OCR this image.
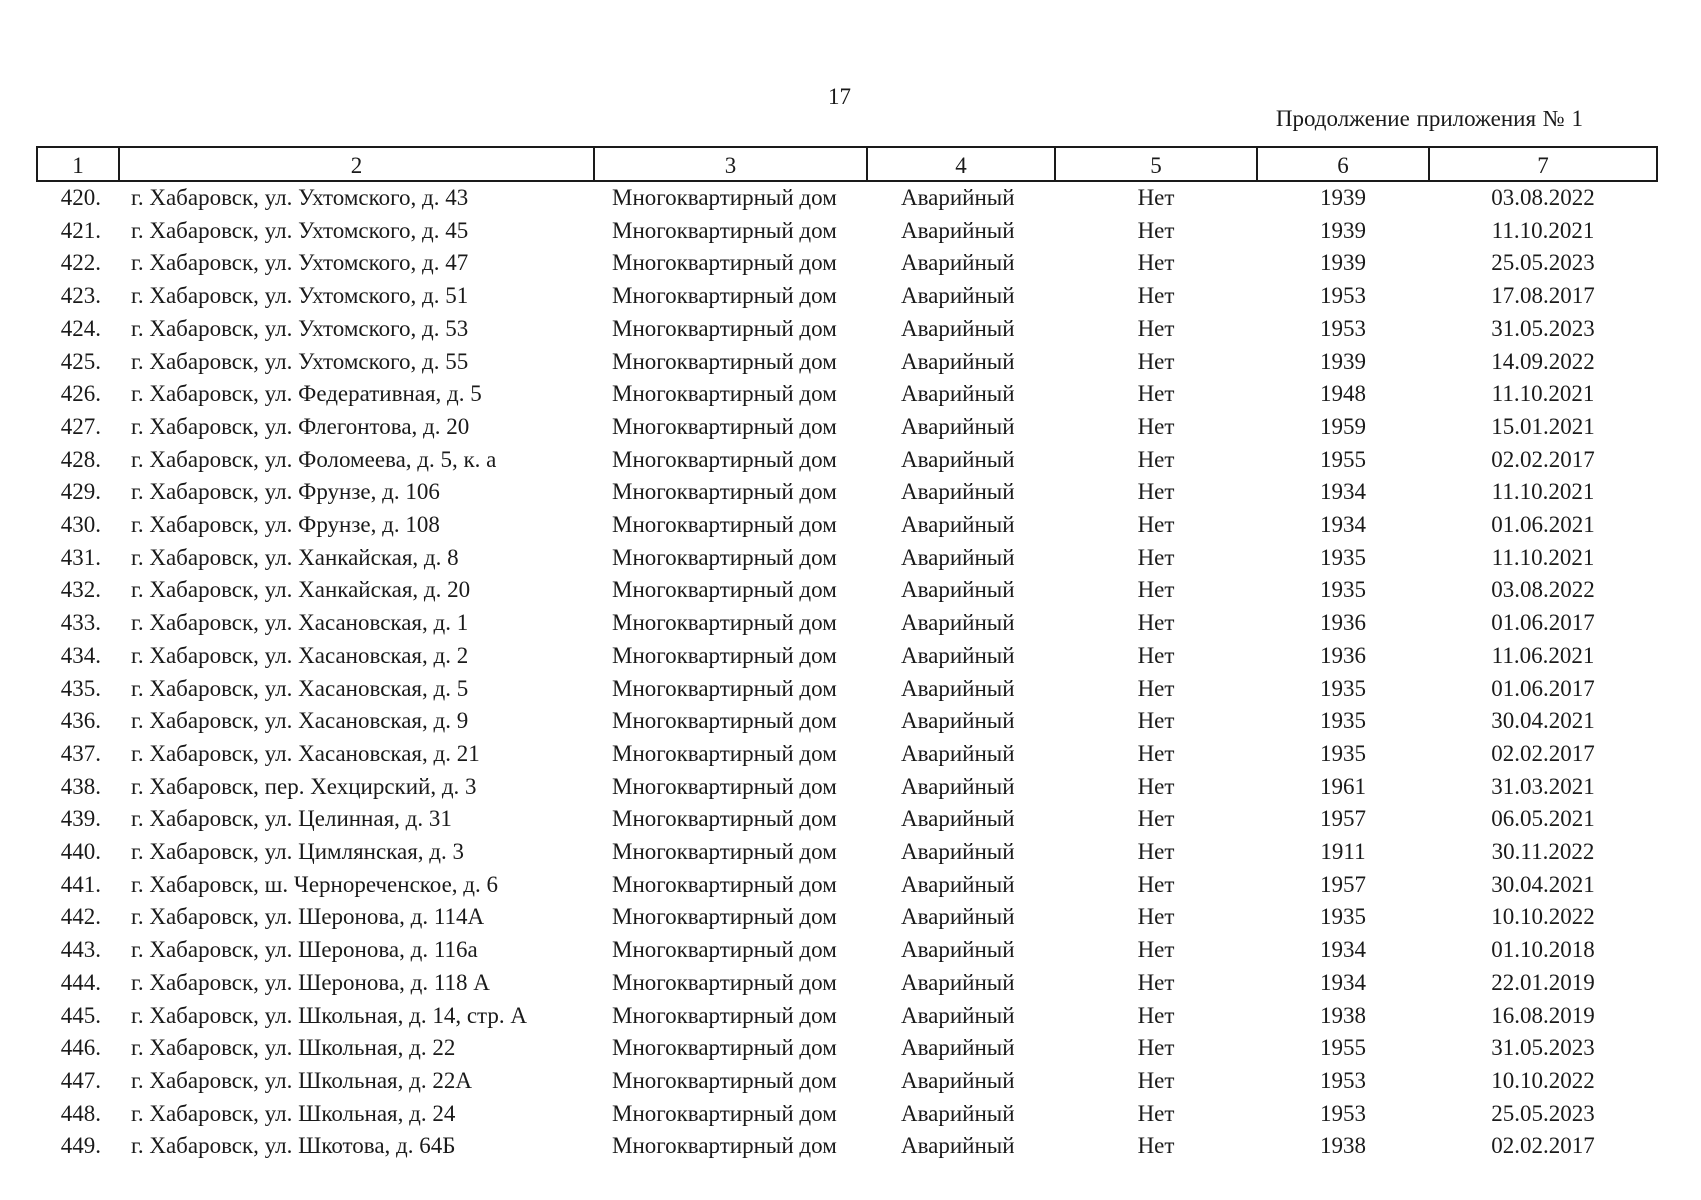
17
Продолжение приложения № 1
1	2	3	4	5	6	7
420.	г. Хабаровск, ул. Ухтомского, д. 43	Многоквартирный дом	Аварийный	Нет	1939	03.08.2022
421.	г. Хабаровск, ул. Ухтомского, д. 45	Многоквартирный дом	Аварийный	Нет	1939	11.10.2021
422.	г. Хабаровск, ул. Ухтомского, д. 47	Многоквартирный дом	Аварийный	Нет	1939	25.05.2023
423.	г. Хабаровск, ул. Ухтомского, д. 51	Многоквартирный дом	Аварийный	Нет	1953	17.08.2017
424.	г. Хабаровск, ул. Ухтомского, д. 53	Многоквартирный дом	Аварийный	Нет	1953	31.05.2023
425.	г. Хабаровск, ул. Ухтомского, д. 55	Многоквартирный дом	Аварийный	Нет	1939	14.09.2022
426.	г. Хабаровск, ул. Федеративная, д. 5	Многоквартирный дом	Аварийный	Нет	1948	11.10.2021
427.	г. Хабаровск, ул. Флегонтова, д. 20	Многоквартирный дом	Аварийный	Нет	1959	15.01.2021
428.	г. Хабаровск, ул. Фоломеева, д. 5, к. а	Многоквартирный дом	Аварийный	Нет	1955	02.02.2017
429.	г. Хабаровск, ул. Фрунзе, д. 106	Многоквартирный дом	Аварийный	Нет	1934	11.10.2021
430.	г. Хабаровск, ул. Фрунзе, д. 108	Многоквартирный дом	Аварийный	Нет	1934	01.06.2021
431.	г. Хабаровск, ул. Ханкайская, д. 8	Многоквартирный дом	Аварийный	Нет	1935	11.10.2021
432.	г. Хабаровск, ул. Ханкайская, д. 20	Многоквартирный дом	Аварийный	Нет	1935	03.08.2022
433.	г. Хабаровск, ул. Хасановская, д. 1	Многоквартирный дом	Аварийный	Нет	1936	01.06.2017
434.	г. Хабаровск, ул. Хасановская, д. 2	Многоквартирный дом	Аварийный	Нет	1936	11.06.2021
435.	г. Хабаровск, ул. Хасановская, д. 5	Многоквартирный дом	Аварийный	Нет	1935	01.06.2017
436.	г. Хабаровск, ул. Хасановская, д. 9	Многоквартирный дом	Аварийный	Нет	1935	30.04.2021
437.	г. Хабаровск, ул. Хасановская, д. 21	Многоквартирный дом	Аварийный	Нет	1935	02.02.2017
438.	г. Хабаровск, пер. Хехцирский, д. 3	Многоквартирный дом	Аварийный	Нет	1961	31.03.2021
439.	г. Хабаровск, ул. Целинная, д. 31	Многоквартирный дом	Аварийный	Нет	1957	06.05.2021
440.	г. Хабаровск, ул. Цимлянская, д. 3	Многоквартирный дом	Аварийный	Нет	1911	30.11.2022
441.	г. Хабаровск, ш. Чернореченское, д. 6	Многоквартирный дом	Аварийный	Нет	1957	30.04.2021
442.	г. Хабаровск, ул. Шеронова, д. 114А	Многоквартирный дом	Аварийный	Нет	1935	10.10.2022
443.	г. Хабаровск, ул. Шеронова, д. 116а	Многоквартирный дом	Аварийный	Нет	1934	01.10.2018
444.	г. Хабаровск, ул. Шеронова, д. 118 А	Многоквартирный дом	Аварийный	Нет	1934	22.01.2019
445.	г. Хабаровск, ул. Школьная, д. 14, стр. А	Многоквартирный дом	Аварийный	Нет	1938	16.08.2019
446.	г. Хабаровск, ул. Школьная, д. 22	Многоквартирный дом	Аварийный	Нет	1955	31.05.2023
447.	г. Хабаровск, ул. Школьная, д. 22А	Многоквартирный дом	Аварийный	Нет	1953	10.10.2022
448.	г. Хабаровск, ул. Школьная, д. 24	Многоквартирный дом	Аварийный	Нет	1953	25.05.2023
449.	г. Хабаровск, ул. Шкотова, д. 64Б	Многоквартирный дом	Аварийный	Нет	1938	02.02.2017
